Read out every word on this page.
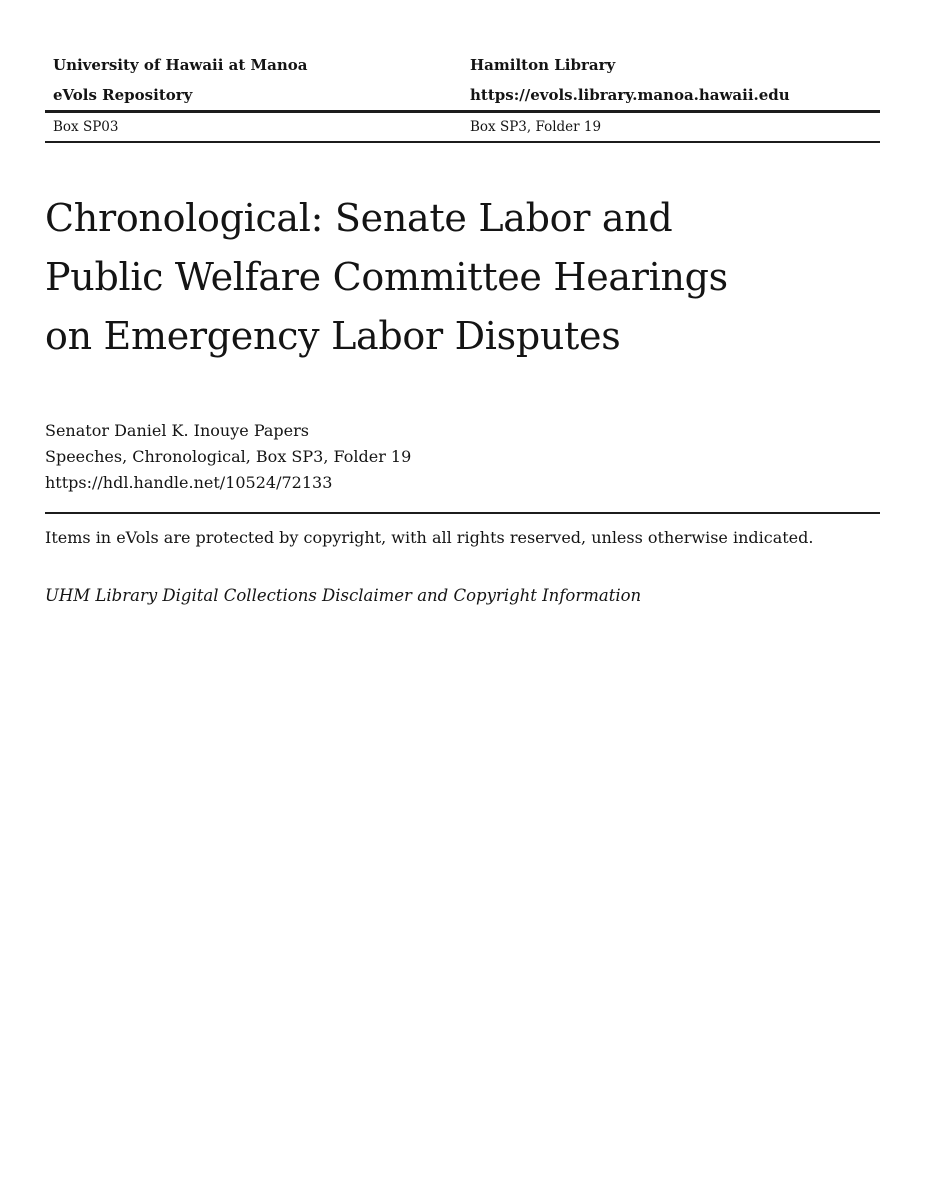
University of Hawaii at Manoa
eVols Repository
Hamilton Library
https://evols.library.manoa.hawaii.edu
Box SP03	Box SP3, Folder 19
Chronological: Senate Labor and
Public Welfare Committee Hearings
on Emergency Labor Disputes
Senator Daniel K. Inouye Papers
Speeches, Chronological, Box SP3, Folder 19
https://hdl.handle.net/10524/72133
Items in eVols are protected by copyright, with all rights reserved, unless otherwise indicated.
UHM Library Digital Collections Disclaimer and Copyright Information
